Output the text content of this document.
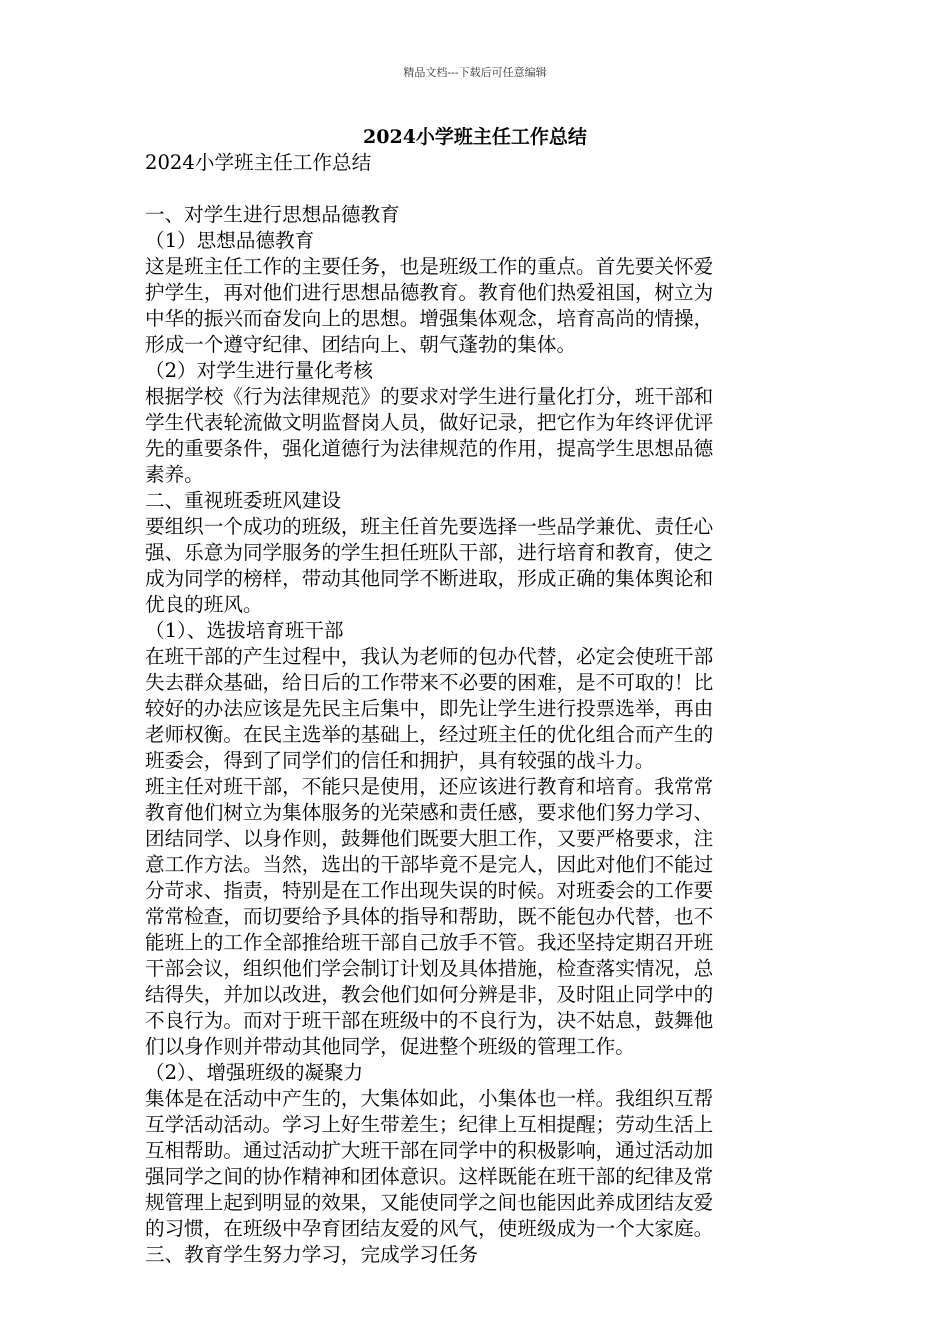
精品文档---下载后可任意编辑
2024小学班主任工作总结
2024小学班主任工作总结
一、对学生进行思想品德教育
（1）思想品德教育
这是班主任工作的主要任务，也是班级工作的重点。首先要关怀爱
护学生，再对他们进行思想品德教育。教育他们热爱祖国，树立为
中华的振兴而奋发向上的思想。增强集体观念，培育高尚的情操，
形成一个遵守纪律、团结向上、朝气蓬勃的集体。
（2）对学生进行量化考核
根据学校《行为法律规范》的要求对学生进行量化打分，班干部和
学生代表轮流做文明监督岗人员，做好记录，把它作为年终评优评
先的重要条件，强化道德行为法律规范的作用，提高学生思想品德
素养。
二、重视班委班风建设
要组织一个成功的班级，班主任首先要选择一些品学兼优、责任心
强、乐意为同学服务的学生担任班队干部，进行培育和教育，使之
成为同学的榜样，带动其他同学不断进取，形成正确的集体舆论和
优良的班风。
（1）、选拔培育班干部
在班干部的产生过程中，我认为老师的包办代替，必定会使班干部
失去群众基础，给日后的工作带来不必要的困难，是不可取的！比
较好的办法应该是先民主后集中，即先让学生进行投票选举，再由
老师权衡。在民主选举的基础上，经过班主任的优化组合而产生的
班委会，得到了同学们的信任和拥护，具有较强的战斗力。
班主任对班干部，不能只是使用，还应该进行教育和培育。我常常
教育他们树立为集体服务的光荣感和责任感，要求他们努力学习、
团结同学、以身作则，鼓舞他们既要大胆工作，又要严格要求，注
意工作方法。当然，选出的干部毕竟不是完人，因此对他们不能过
分苛求、指责，特别是在工作出现失误的时候。对班委会的工作要
常常检查，而切要给予具体的指导和帮助，既不能包办代替，也不
能班上的工作全部推给班干部自己放手不管。我还坚持定期召开班
干部会议，组织他们学会制订计划及具体措施，检查落实情况，总
结得失，并加以改进，教会他们如何分辨是非，及时阻止同学中的
不良行为。而对于班干部在班级中的不良行为，决不姑息，鼓舞他
们以身作则并带动其他同学，促进整个班级的管理工作。
（2）、增强班级的凝聚力
集体是在活动中产生的，大集体如此，小集体也一样。我组织互帮
互学活动活动。学习上好生带差生；纪律上互相提醒；劳动生活上
互相帮助。通过活动扩大班干部在同学中的积极影响，通过活动加
强同学之间的协作精神和团体意识。这样既能在班干部的纪律及常
规管理上起到明显的效果，又能使同学之间也能因此养成团结友爱
的习惯，在班级中孕育团结友爱的风气，使班级成为一个大家庭。
三、教育学生努力学习，完成学习任务
